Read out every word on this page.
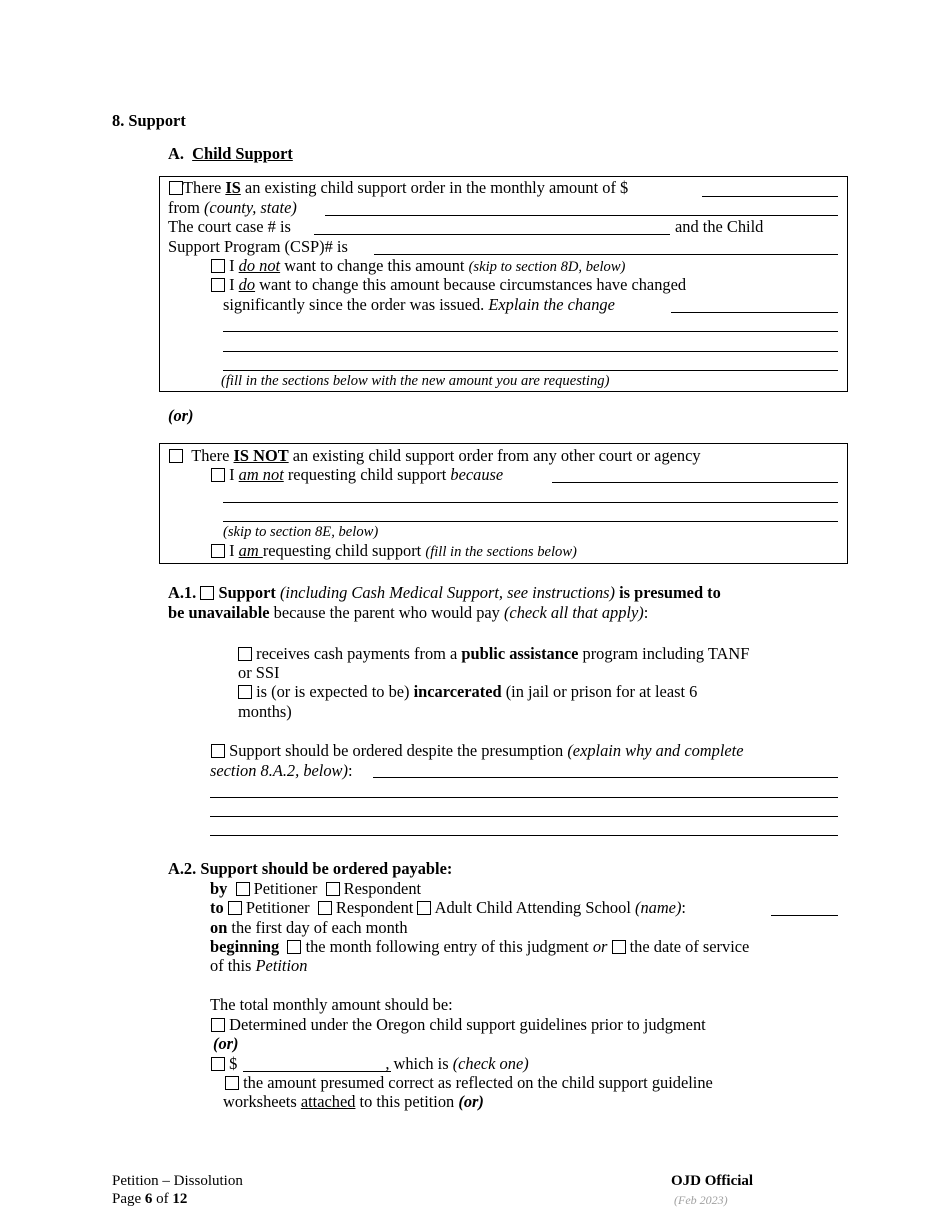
8. Support
A. Child Support
There IS an existing child support order in the monthly amount of $
from (county, state)
The court case # is	and the Child
Support Program (CSP)# is
I do not want to change this amount (skip to section 8D, below)
I do want to change this amount because circumstances have changed
significantly since the order was issued. Explain the change
(fill in the sections below with the new amount you are requesting)
(or)
There IS NOT an existing child support order from any other court or agency
I am not requesting child support because
(skip to section 8E, below)
I am requesting child support (fill in the sections below)
A.1. Support (including Cash Medical Support, see instructions) is presumed to
be unavailable because the parent who would pay (check all that apply):
receives cash payments from a public assistance program including TANF
or SSI
is (or is expected to be) incarcerated (in jail or prison for at least 6
months)
Support should be ordered despite the presumption (explain why and complete
section 8.A.2, below):
A.2. Support should be ordered payable:
by Petitioner Respondent
to Petitioner Respondent Adult Child Attending School (name):
on the first day of each month
beginning the month following entry of this judgment or the date of service
of this Petition
The total monthly amount should be:
Determined under the Oregon child support guidelines prior to judgment
(or)
$	, which is (check one)
the amount presumed correct as reflected on the child support guideline
worksheets attached to this petition (or)
Petition – Dissolution
Page 6 of 12
OJD Official
(Feb 2023)
